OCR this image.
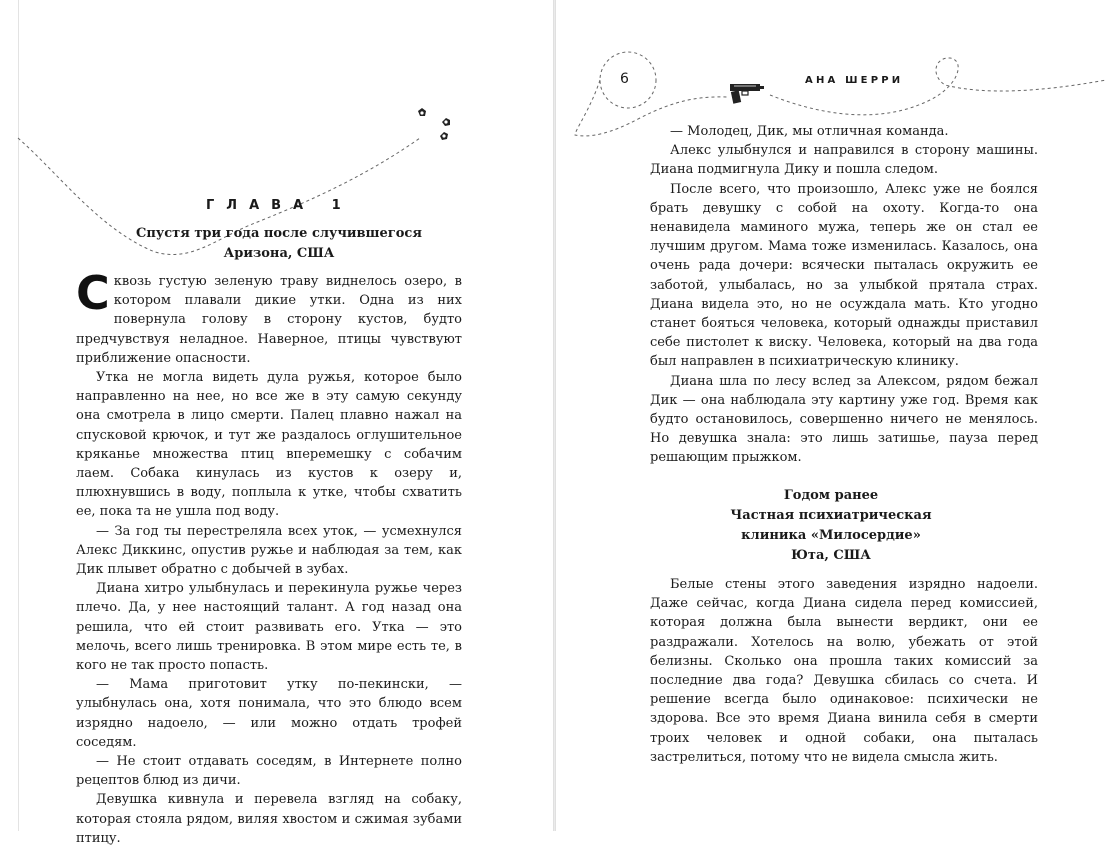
ГЛАВА 1
Спустя три года после случившегося
Аризона, США

Сквозь густую зеленую траву виднелось озеро, в котором плавали дикие утки. Одна из них повернула голову в сторону кустов, будто предчувствуя неладное. Наверное, птицы чувствуют приближение опасности.

Утка не могла видеть дула ружья, которое было направленно на нее, но все же в эту самую секунду она смотрела в лицо смерти. Палец плавно нажал на спусковой крючок, и тут же раздалось оглушительное кряканье множества птиц вперемешку с собачим лаем. Собака кинулась из кустов к озеру и, плюхнувшись в воду, поплыла к утке, чтобы схватить ее, пока та не ушла под воду.

— За год ты перестреляла всех уток, — усмехнулся Алекс Диккинс, опустив ружье и наблюдая за тем, как Дик плывет обратно с добычей в зубах.

Диана хитро улыбнулась и перекинула ружье через плечо. Да, у нее настоящий талант. А год назад она решила, что ей стоит развивать его. Утка — это мелочь, всего лишь тренировка. В этом мире есть те, в кого не так просто попасть.

— Мама приготовит утку по-пекински, — улыбнулась она, хотя понимала, что это блюдо всем изрядно надоело, — или можно отдать трофей соседям.

— Не стоит отдавать соседям, в Интернете полно рецептов блюд из дичи.

Девушка кивнула и перевела взгляд на собаку, которая стояла рядом, виляя хвостом и сжимая зубами птицу.

6	АНА ШЕРРИ

— Молодец, Дик, мы отличная команда.

Алекс улыбнулся и направился в сторону машины. Диана подмигнула Дику и пошла следом.

После всего, что произошло, Алекс уже не боялся брать девушку с собой на охоту. Когда-то она ненавидела маминого мужа, теперь же он стал ее лучшим другом. Мама тоже изменилась. Казалось, она очень рада дочери: всячески пыталась окружить ее заботой, улыбалась, но за улыбкой прятала страх. Диана видела это, но не осуждала мать. Кто угодно станет бояться человека, который однажды приставил себе пистолет к виску. Человека, который на два года был направлен в психиатрическую клинику.

Диана шла по лесу вслед за Алексом, рядом бежал Дик — она наблюдала эту картину уже год. Время как будто остановилось, совершенно ничего не менялось. Но девушка знала: это лишь затишье, пауза перед решающим прыжком.

Годом ранее
Частная психиатрическая
клиника «Милосердие»
Юта, США

Белые стены этого заведения изрядно надоели. Даже сейчас, когда Диана сидела перед комиссией, которая должна была вынести вердикт, они ее раздражали. Хотелось на волю, убежать от этой белизны. Сколько она прошла таких комиссий за последние два года? Девушка сбилась со счета. И решение всегда было одинаковое: психически не здорова. Все это время Диана винила себя в смерти троих человек и одной собаки, она пыталась застрелиться, потому что не видела смысла жить.
